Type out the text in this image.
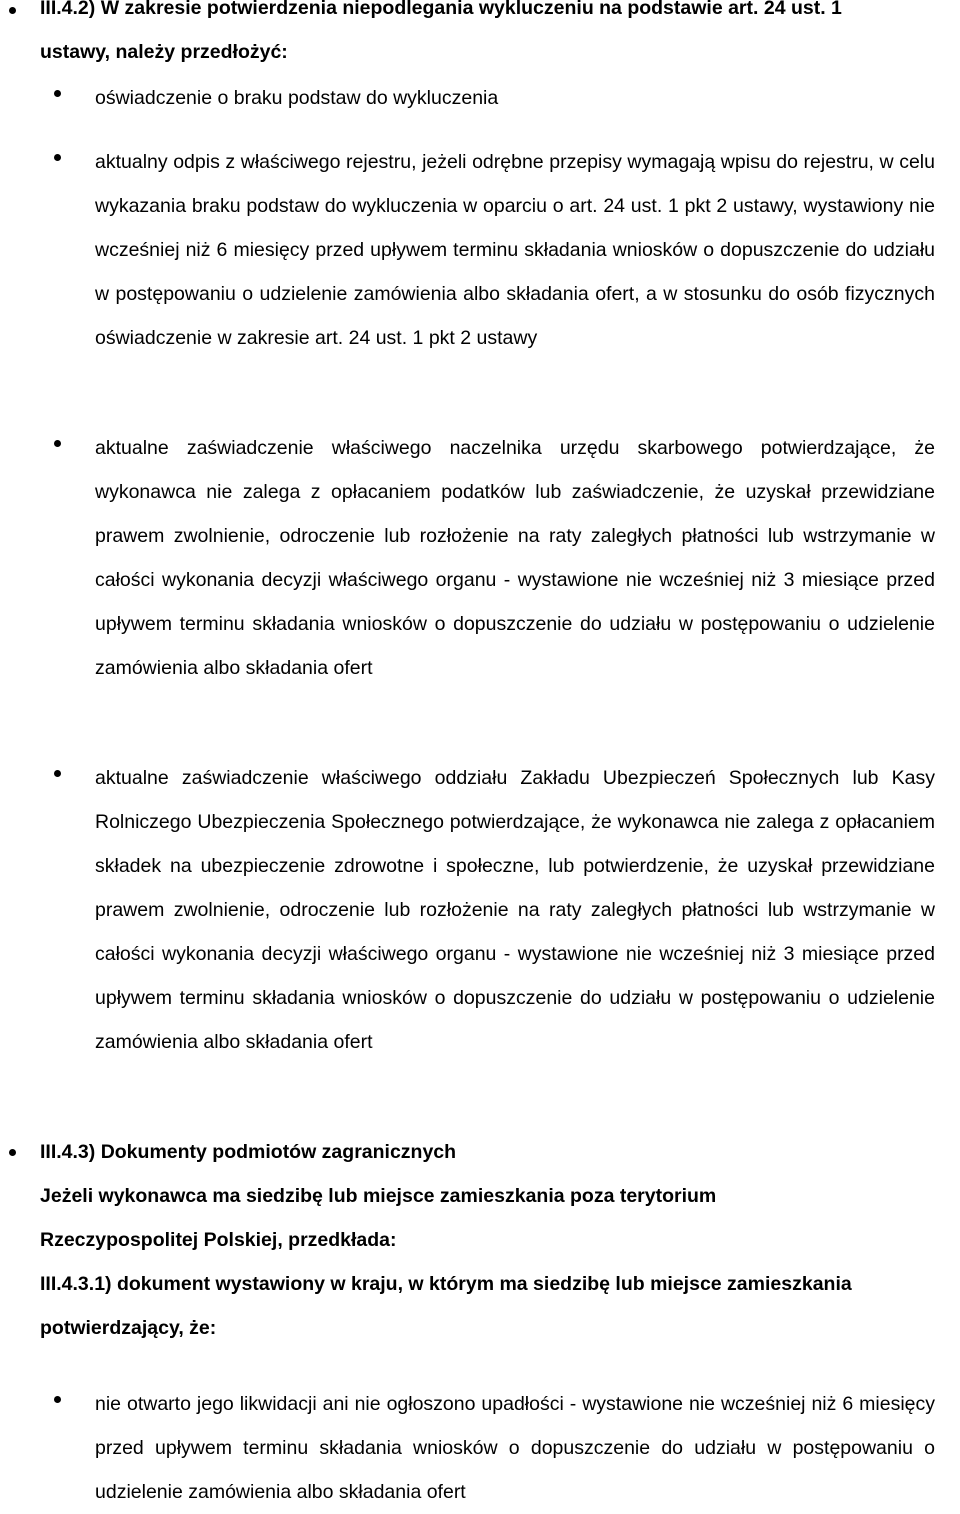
III.4.2) W zakresie potwierdzenia niepodlegania wykluczeniu na podstawie art. 24 ust. 1
ustawy, należy przedłożyć:

oświadczenie o braku podstaw do wykluczenia

aktualny odpis z właściwego rejestru, jeżeli odrębne przepisy wymagają wpisu do rejestru, w celu wykazania braku podstaw do wykluczenia w oparciu o art. 24 ust. 1 pkt 2 ustawy, wystawiony nie wcześniej niż 6 miesięcy przed upływem terminu składania wniosków o dopuszczenie do udziału w postępowaniu o udzielenie zamówienia albo składania ofert, a w stosunku do osób fizycznych oświadczenie w zakresie art. 24 ust. 1 pkt 2 ustawy

aktualne zaświadczenie właściwego naczelnika urzędu skarbowego potwierdzające, że wykonawca nie zalega z opłacaniem podatków lub zaświadczenie, że uzyskał przewidziane prawem zwolnienie, odroczenie lub rozłożenie na raty zaległych płatności lub wstrzymanie w całości wykonania decyzji właściwego organu - wystawione nie wcześniej niż 3 miesiące przed upływem terminu składania wniosków o dopuszczenie do udziału w postępowaniu o udzielenie zamówienia albo składania ofert

aktualne zaświadczenie właściwego oddziału Zakładu Ubezpieczeń Społecznych lub Kasy Rolniczego Ubezpieczenia Społecznego potwierdzające, że wykonawca nie zalega z opłacaniem składek na ubezpieczenie zdrowotne i społeczne, lub potwierdzenie, że uzyskał przewidziane prawem zwolnienie, odroczenie lub rozłożenie na raty zaległych płatności lub wstrzymanie w całości wykonania decyzji właściwego organu - wystawione nie wcześniej niż 3 miesiące przed upływem terminu składania wniosków o dopuszczenie do udziału w postępowaniu o udzielenie zamówienia albo składania ofert

III.4.3) Dokumenty podmiotów zagranicznych
Jeżeli wykonawca ma siedzibę lub miejsce zamieszkania poza terytorium
Rzeczypospolitej Polskiej, przedkłada:
III.4.3.1) dokument wystawiony w kraju, w którym ma siedzibę lub miejsce zamieszkania
potwierdzający, że:

nie otwarto jego likwidacji ani nie ogłoszono upadłości - wystawione nie wcześniej niż 6 miesięcy przed upływem terminu składania wniosków o dopuszczenie do udziału w postępowaniu o udzielenie zamówienia albo składania ofert
